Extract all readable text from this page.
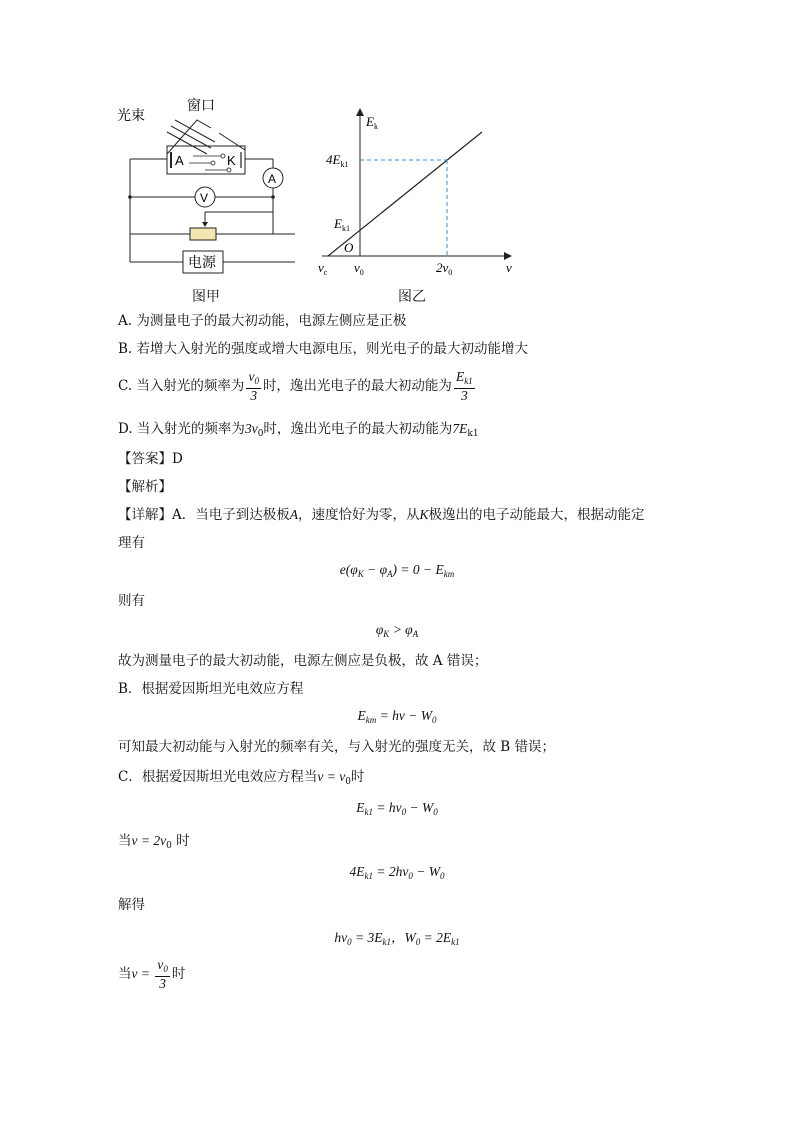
A	K
A
V
电源
光束
窗口
图甲
$E_k$
$4E_{k1}$
$E_{k1}$
O
$\nu_c$ $\nu_0$	$2\nu_0$	ν
图乙
A. 为测量电子的最大初动能，电源左侧应是正极
B. 若增大入射光的强度或增大电源电压，则光电子的最大初动能增大
C. 当入射光的频率为 $\frac{\nu_0}{3}$ 时，逸出光电子的最大初动能为 $\frac{E_{k1}}{3}$
D. 当入射光的频率为$3\nu_0$时，逸出光电子的最大初动能为$7E_{k1}$
【答案】D
【解析】
【详解】A．当电子到达极板A，速度恰好为零，从K极逸出的电子动能最大，根据动能定
理有
$e(\varphi_K - \varphi_A) = 0 - E_{km}$
则有
$\varphi_K > \varphi_A$
故为测量电子的最大初动能，电源左侧应是负极，故 A 错误；
B．根据爱因斯坦光电效应方程
$E_{km} = h\nu - W_0$
可知最大初动能与入射光的频率有关，与入射光的强度无关，故 B 错误；
C．根据爱因斯坦光电效应方程当$\nu = \nu_0$时
$E_{k1} = h\nu_0 - W_0$
当$\nu = 2\nu_0$ 时
$4E_{k1} = 2h\nu_0 - W_0$
解得
$h\nu_0 = 3E_{k1}$，$W_0 = 2E_{k1}$
当$\nu = \frac{\nu_0}{3}$ 时
